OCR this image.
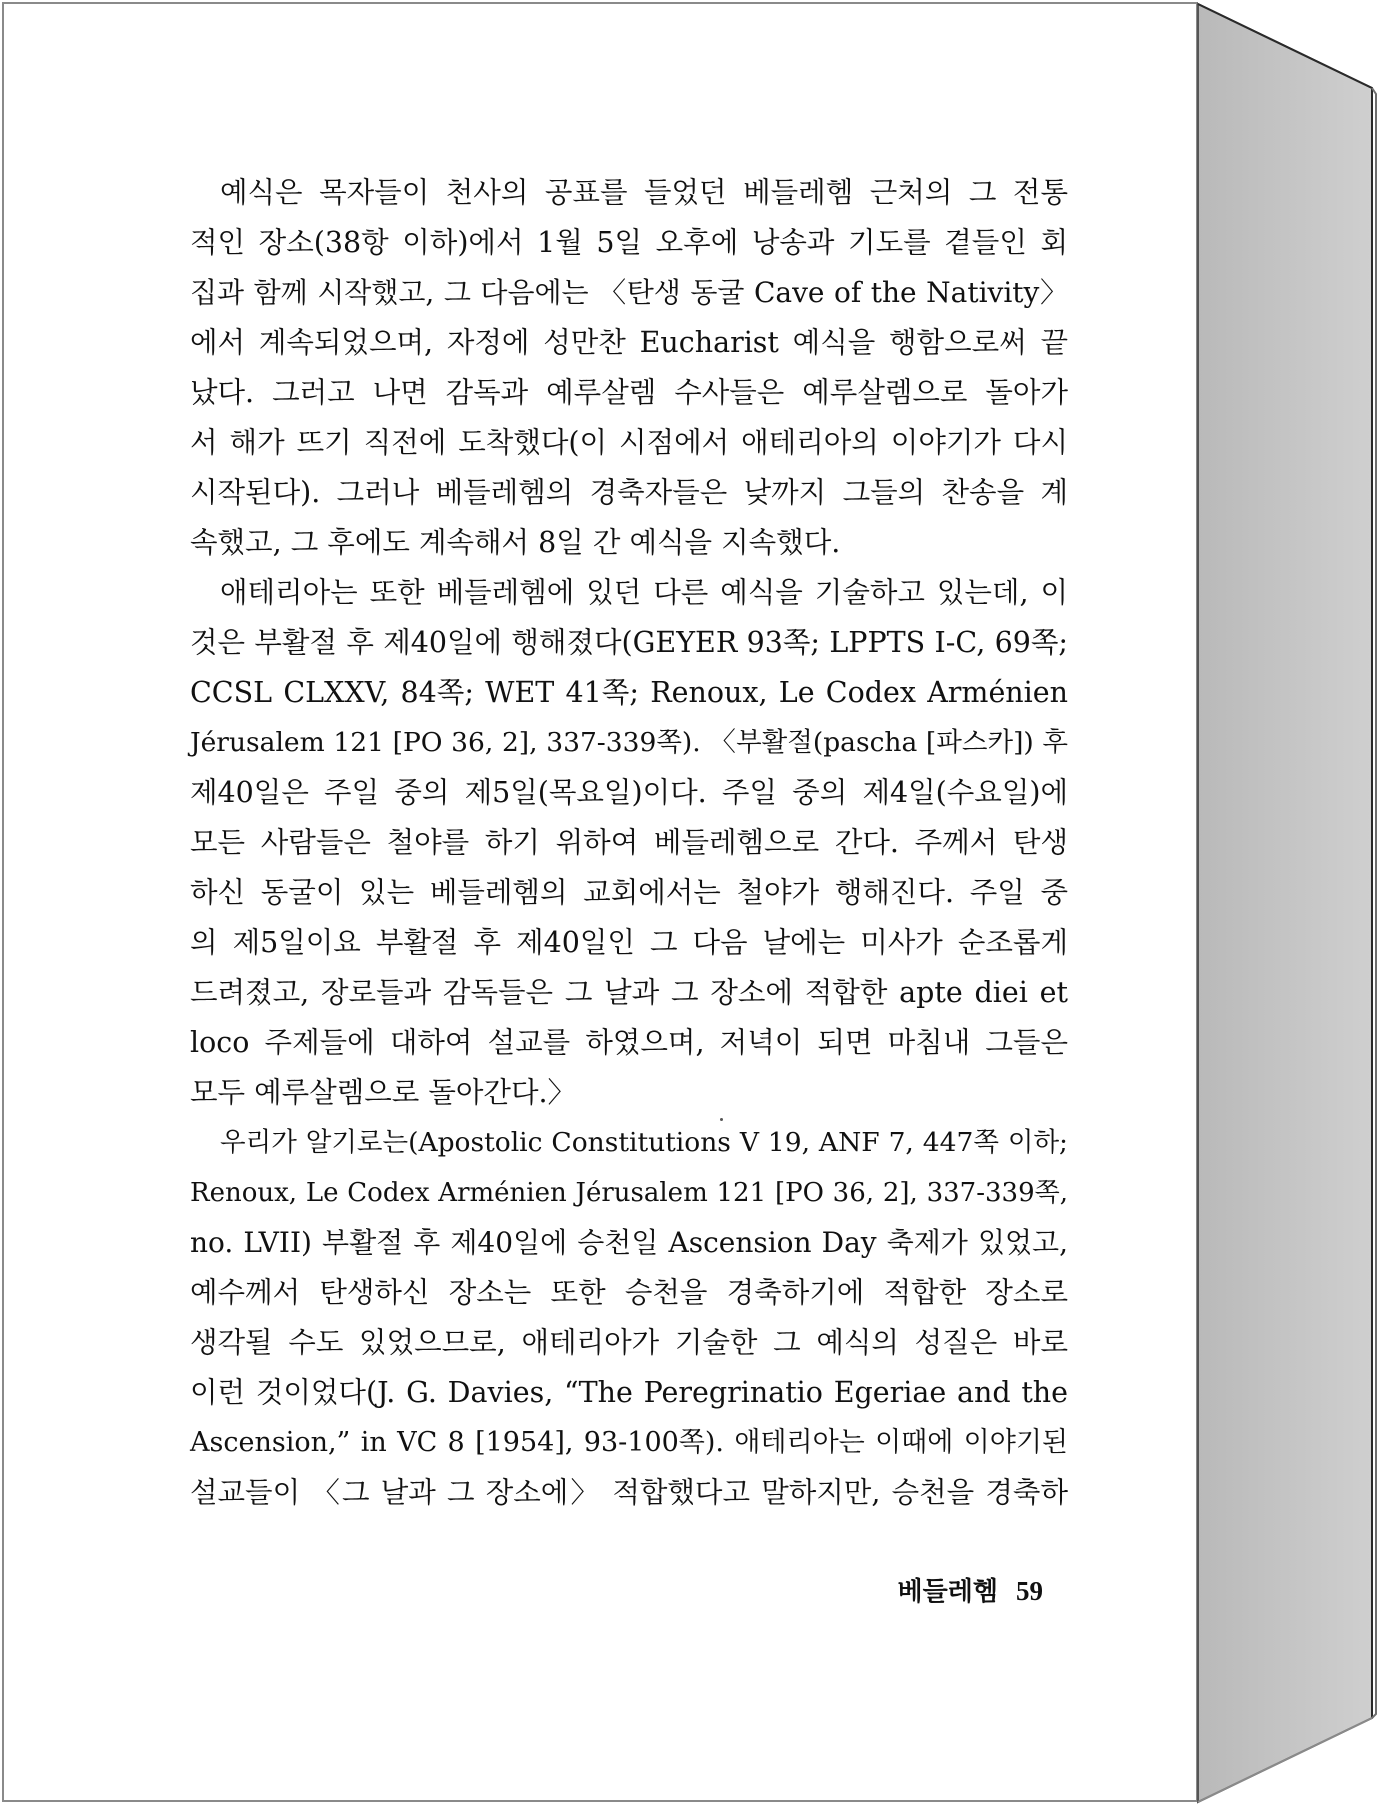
예식은 목자들이 천사의 공표를 들었던 베들레헴 근처의 그 전통
적인 장소(38항 이하)에서 1월 5일 오후에 낭송과 기도를 곁들인 회
집과 함께 시작했고, 그 다음에는 〈탄생 동굴 Cave of the Nativity〉
에서 계속되었으며, 자정에 성만찬 Eucharist 예식을 행함으로써 끝
났다. 그러고 나면 감독과 예루살렘 수사들은 예루살렘으로 돌아가
서 해가 뜨기 직전에 도착했다(이 시점에서 애테리아의 이야기가 다시
시작된다). 그러나 베들레헴의 경축자들은 낮까지 그들의 찬송을 계
속했고, 그 후에도 계속해서 8일 간 예식을 지속했다.
애테리아는 또한 베들레헴에 있던 다른 예식을 기술하고 있는데, 이
것은 부활절 후 제40일에 행해졌다(GEYER 93쪽; LPPTS I-C, 69쪽;
CCSL CLXXV, 84쪽; WET 41쪽; Renoux, Le Codex Arménien
Jérusalem 121 [PO 36, 2], 337-339쪽). 〈부활절(pascha [파스카]) 후
제40일은 주일 중의 제5일(목요일)이다. 주일 중의 제4일(수요일)에
모든 사람들은 철야를 하기 위하여 베들레헴으로 간다. 주께서 탄생
하신 동굴이 있는 베들레헴의 교회에서는 철야가 행해진다. 주일 중
의 제5일이요 부활절 후 제40일인 그 다음 날에는 미사가 순조롭게
드려졌고, 장로들과 감독들은 그 날과 그 장소에 적합한 apte diei et
loco 주제들에 대하여 설교를 하였으며, 저녁이 되면 마침내 그들은
모두 예루살렘으로 돌아간다.〉
우리가 알기로는(Apostolic Constitutions V 19, ANF 7, 447쪽 이하;
Renoux, Le Codex Arménien Jérusalem 121 [PO 36, 2], 337-339쪽,
no. LVII) 부활절 후 제40일에 승천일 Ascension Day 축제가 있었고,
예수께서 탄생하신 장소는 또한 승천을 경축하기에 적합한 장소로
생각될 수도 있었으므로, 애테리아가 기술한 그 예식의 성질은 바로
이런 것이었다(J. G. Davies, “The Peregrinatio Egeriae and the
Ascension,” in VC 8 [1954], 93-100쪽). 애테리아는 이때에 이야기된
설교들이 〈그 날과 그 장소에〉 적합했다고 말하지만, 승천을 경축하
베들레헴 59
